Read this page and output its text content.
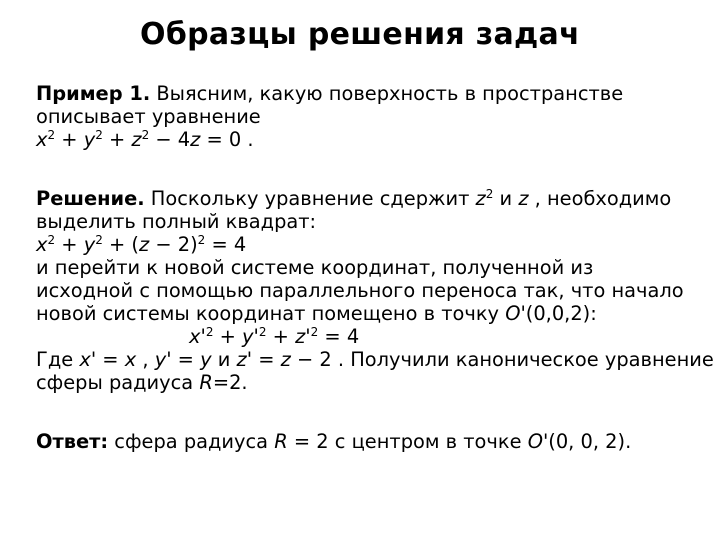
Образцы решения задач
Пример 1. Выясним, какую поверхность в пространстве
описывает уравнение
$x^2 + y^2 + z^2 - 4z = 0$ .
Решение. Поскольку уравнение сдержит $z^2$ и z , необходимо
выделить полный квадрат:
$x^2 + y^2 + (z - 2)^2 = 4$
и перейти к новой системе координат, полученной из
исходной с помощью параллельного переноса так, что начало
новой системы координат помещено в точку O'(0,0,2):
$x'^2 + y'^2 + z'^2 = 4$
Где x' = x , y' = y и z' = z − 2 . Получили каноническое уравнение
сферы радиуса R=2.
Ответ: сфера радиуса R = 2 с центром в точке O'(0, 0, 2).
